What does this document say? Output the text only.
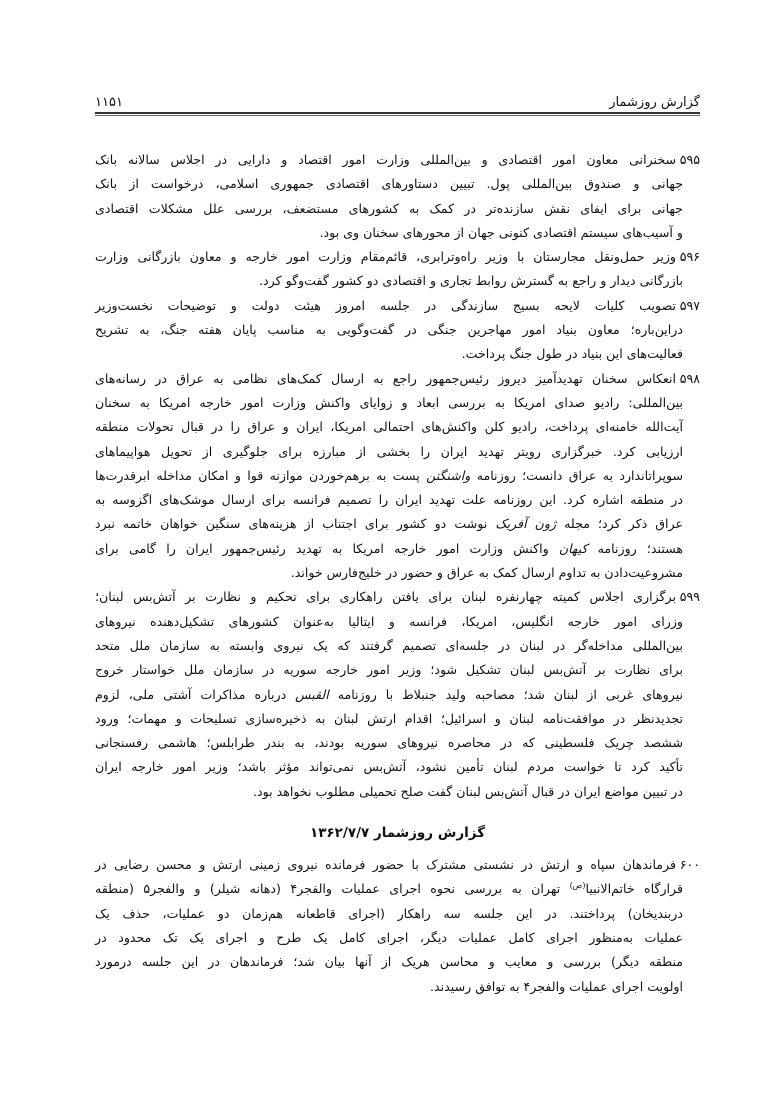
گزارش روزشمار
۱۱۵۱
۵۹۵
سخنرانی معاون امور اقتصادی و بین‌المللی وزارت امور اقتصاد و دارایی در اجلاس سالانه بانک
جهانی و صندوق بین‌المللی پول. تبیین دستاورهای اقتصادی جمهوری اسلامی، درخواست از بانک
جهانی برای ایفای نقش سازنده‌تر در کمک به کشورهای مستضعف، بررسی علل مشکلات اقتصادی
و آسیب‌های سیستم اقتصادی کنونی جهان از محورهای سخنان وی بود.
۵۹۶
وزیر حمل‌ونقل مجارستان با وزیر راه‌وترابری، قائم‌مقام وزارت امور خارجه و معاون بازرگانی وزارت
بازرگانی دیدار و راجع به گسترش روابط تجاری و اقتصادی دو کشور گفت‌وگو کرد.
۵۹۷
تصویب کلیات لایحه بسیج سازندگی در جلسه امروز هیئت دولت و توضیحات نخست‌وزیر
دراین‌باره؛ معاون بنیاد امور مهاجرین جنگی در گفت‌وگویی به مناسب پایان هفته جنگ، به تشریح
فعالیت‌های این بنیاد در طول جنگ پرداخت.
۵۹۸
انعکاس سخنان تهدیدآمیز دیروز رئیس‌جمهور راجع به ارسال کمک‌های نظامی به عراق در رسانه‌های
بین‌المللی: رادیو صدای امریکا به بررسی ابعاد و زوایای واکنش وزارت امور خارجه امریکا به سخنان
آیت‌الله خامنه‌ای پرداخت، رادیو کلن واکنش‌های احتمالی امریکا، ایران و عراق را در قبال تحولات منطقه
ارزیابی کرد. خبرگزاری رویتر تهدید ایران را بخشی از مبارزه برای جلوگیری از تحویل هواپیماهای
سوپراتاندارد به عراق دانست؛ روزنامه واشنگتن پست به برهم‌خوردن موازنه قوا و امکان مداخله ابرقدرت‌ها
در منطقه اشاره کرد. این روزنامه علت تهدید ایران را تصمیم فرانسه برای ارسال موشک‌های اگزوسه به
عراق ذکر کرد؛ مجله ژون آفریک نوشت دو کشور برای اجتناب از هزینه‌های سنگین خواهان خاتمه نبرد
هستند؛ روزنامه کیهان واکنش وزارت امور خارجه امریکا به تهدید رئیس‌جمهور ایران را گامی برای
مشروعیت‌دادن به تداوم ارسال کمک به عراق و حضور در خلیج‌فارس خواند.
۵۹۹
برگزاری اجلاس کمیته چهارنفره لبنان برای یافتن راهکاری برای تحکیم و نظارت بر آتش‌بس لبنان؛
وزرای امور خارجه انگلیس، امریکا، فرانسه و ایتالیا به‌عنوان کشورهای تشکیل‌دهنده نیروهای
بین‌المللی مداخله‌گر در لبنان در جلسه‌ای تصمیم گرفتند که یک نیروی وابسته به سازمان ملل متحد
برای نظارت بر آتش‌بس لبنان تشکیل شود؛ وزیر امور خارجه سوریه در سازمان ملل خواستار خروج
نیروهای غربی از لبنان شد؛ مصاحبه ولید جنبلاط با روزنامه القبس درباره مذاکرات آشتی ملی، لزوم
تجدیدنظر در موافقت‌نامه لبنان و اسرائیل؛ اقدام ارتش لبنان به ذخیره‌سازی تسلیحات و مهمات؛ ورود
ششصد چریک فلسطینی که در محاصره نیروهای سوریه بودند، به بندر طرابلس؛ هاشمی رفسنجانی
تأکید کرد تا خواست مردم لبنان تأمین نشود، آتش‌بس نمی‌تواند مؤثر باشد؛ وزیر امور خارجه ایران
در تبیین مواضع ایران در قبال آتش‌بس لبنان گفت صلح تحمیلی مطلوب نخواهد بود.
گزارش روزشمار ۱۳۶۲/۷/۷
۶۰۰
فرماندهان سپاه و ارتش در نشستی مشترک با حضور فرمانده نیروی زمینی ارتش و محسن رضایی در
قرارگاه خاتم‌الانبیا$^{(ص)}$ تهران به بررسی نحوه اجرای عملیات والفجر۴ (دهانه شیلر) و والفجر۵ (منطقه
دربندیخان) پرداختند. در این جلسه سه راهکار (اجرای قاطعانه هم‌زمان دو عملیات، حذف یک
عملیات به‌منظور اجرای کامل عملیات دیگر، اجرای کامل یک طرح و اجرای یک تک محدود در
منطقه دیگر) بررسی و معایب و محاسن هریک از آنها بیان شد؛ فرماندهان در این جلسه درمورد
اولویت اجرای عملیات والفجر۴ به توافق رسیدند.
